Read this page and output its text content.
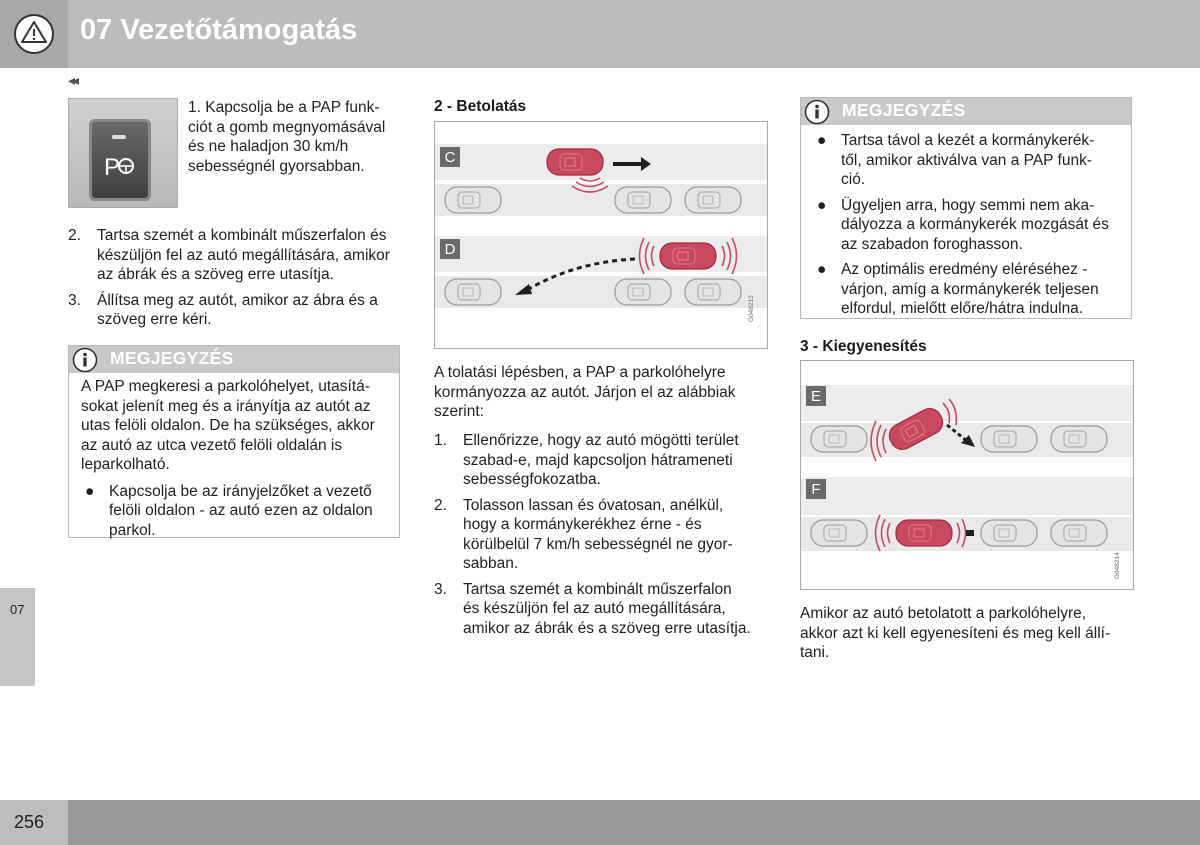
07 Vezetőtámogatás
◂◂
07
256
P
1. Kapcsolja be a PAP funk-
ciót a gomb megnyomásával
és ne haladjon 30 km/h
sebességnél gyorsabban.
2. Tartsa szemét a kombinált műszerfalon és készüljön fel az autó megállítására, amikor az ábrák és a szöveg erre utasítja.
3. Állítsa meg az autót, amikor az ábra és a szöveg erre kéri.
MEGJEGYZÉS
A PAP megkeresi a parkolóhelyet, utasítá-
sokat jelenít meg és a irányítja az autót az
utas felöli oldalon. De ha szükséges, akkor
az autó az utca vezető felöli oldalán is
leparkolható.
● Kapcsolja be az irányjelzőket a vezető
felöli oldalon - az autó ezen az oldalon
parkol.
2 - Betolatás
C
D
G048213
A tolatási lépésben, a PAP a parkolóhelyre
kormányozza az autót. Járjon el az alábbiak
szerint:
1. Ellenőrizze, hogy az autó mögötti terület
szabad-e, majd kapcsoljon hátrameneti
sebességfokozatba.
2. Tolasson lassan és óvatosan, anélkül,
hogy a kormánykerékhez érne - és
körülbelül 7 km/h sebességnél ne gyor-
sabban.
3. Tartsa szemét a kombinált műszerfalon
és készüljön fel az autó megállítására,
amikor az ábrák és a szöveg erre utasítja.
MEGJEGYZÉS
● Tartsa távol a kezét a kormánykerék-
től, amikor aktiválva van a PAP funk-
ció.
● Ügyeljen arra, hogy semmi nem aka-
dályozza a kormánykerék mozgását és
az szabadon foroghasson.
● Az optimális eredmény eléréséhez -
várjon, amíg a kormánykerék teljesen
elfordul, mielőtt előre/hátra indulna.
3 - Kiegyenesítés
E
F
G048214
Amikor az autó betolatott a parkolóhelyre,
akkor azt ki kell egyenesíteni és meg kell állí-
tani.
